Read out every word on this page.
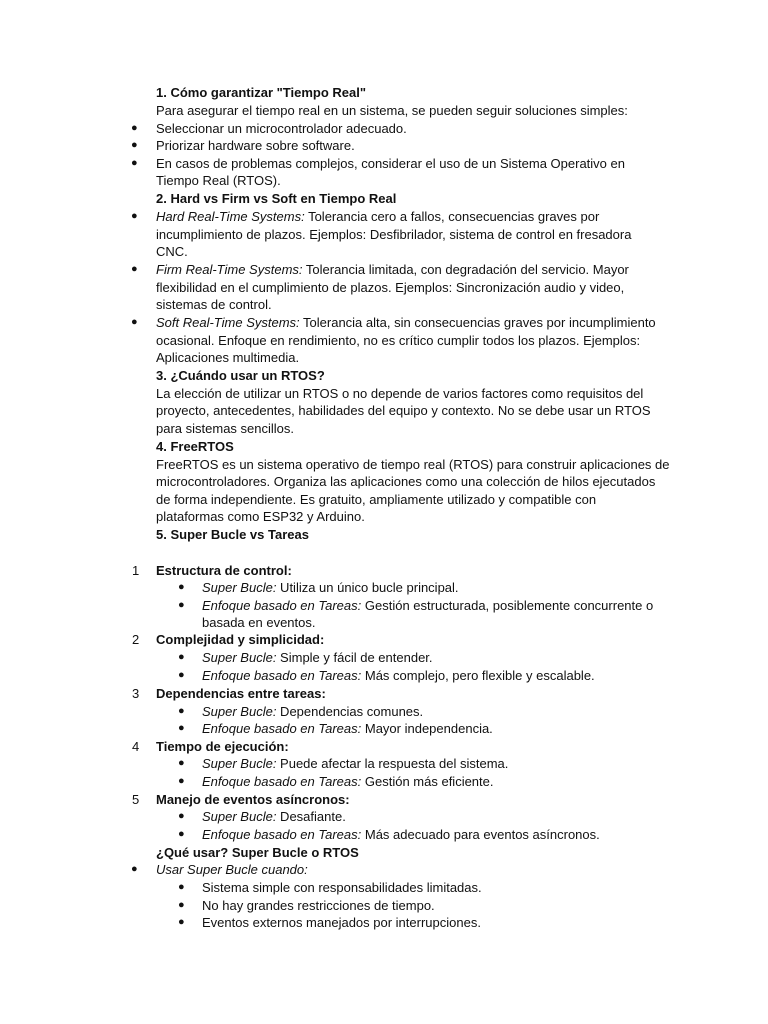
1. Cómo garantizar "Tiempo Real"
Para asegurar el tiempo real en un sistema, se pueden seguir soluciones simples:
● Seleccionar un microcontrolador adecuado.
● Priorizar hardware sobre software.
● En casos de problemas complejos, considerar el uso de un Sistema Operativo en
Tiempo Real (RTOS).
2. Hard vs Firm vs Soft en Tiempo Real
● Hard Real-Time Systems: Tolerancia cero a fallos, consecuencias graves por
incumplimiento de plazos. Ejemplos: Desfibrilador, sistema de control en fresadora
CNC.
● Firm Real-Time Systems: Tolerancia limitada, con degradación del servicio. Mayor
flexibilidad en el cumplimiento de plazos. Ejemplos: Sincronización audio y video,
sistemas de control.
● Soft Real-Time Systems: Tolerancia alta, sin consecuencias graves por incumplimiento
ocasional. Enfoque en rendimiento, no es crítico cumplir todos los plazos. Ejemplos:
Aplicaciones multimedia.
3. ¿Cuándo usar un RTOS?
La elección de utilizar un RTOS o no depende de varios factores como requisitos del
proyecto, antecedentes, habilidades del equipo y contexto. No se debe usar un RTOS
para sistemas sencillos.
4. FreeRTOS
FreeRTOS es un sistema operativo de tiempo real (RTOS) para construir aplicaciones de
microcontroladores. Organiza las aplicaciones como una colección de hilos ejecutados
de forma independiente. Es gratuito, ampliamente utilizado y compatible con
plataformas como ESP32 y Arduino.
5. Super Bucle vs Tareas
1 Estructura de control:
● Super Bucle: Utiliza un único bucle principal.
● Enfoque basado en Tareas: Gestión estructurada, posiblemente concurrente o
basada en eventos.
2 Complejidad y simplicidad:
● Super Bucle: Simple y fácil de entender.
● Enfoque basado en Tareas: Más complejo, pero flexible y escalable.
3 Dependencias entre tareas:
● Super Bucle: Dependencias comunes.
● Enfoque basado en Tareas: Mayor independencia.
4 Tiempo de ejecución:
● Super Bucle: Puede afectar la respuesta del sistema.
● Enfoque basado en Tareas: Gestión más eficiente.
5 Manejo de eventos asíncronos:
● Super Bucle: Desafiante.
● Enfoque basado en Tareas: Más adecuado para eventos asíncronos.
¿Qué usar? Super Bucle o RTOS
● Usar Super Bucle cuando:
● Sistema simple con responsabilidades limitadas.
● No hay grandes restricciones de tiempo.
● Eventos externos manejados por interrupciones.
